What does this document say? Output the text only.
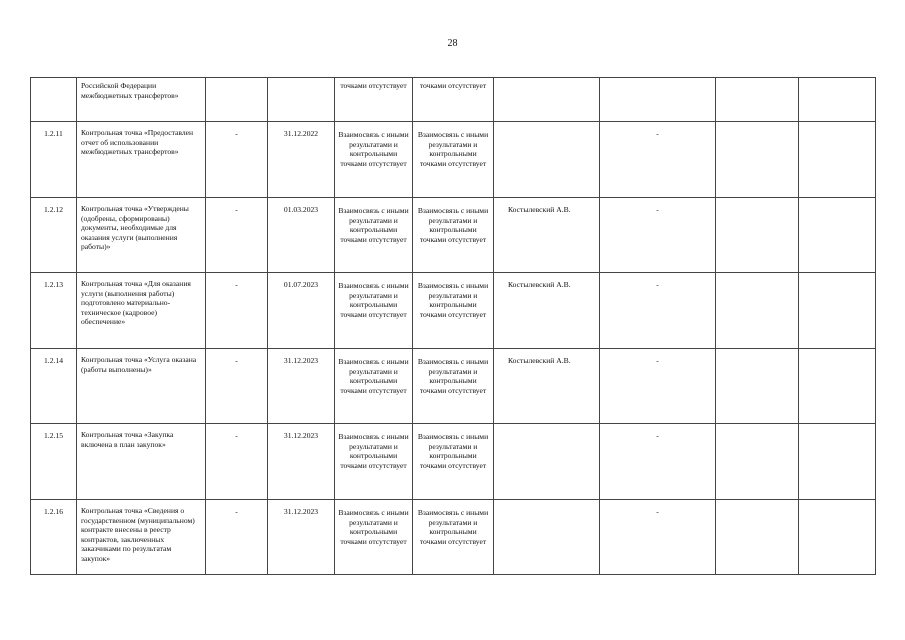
28
	Российской Федерации межбюджетных трансфертов»			точками отсутствует	точками отсутствует				
1.2.11	Контрольная точка «Предоставлен отчет об использовании межбюджетных трансфертов»	-	31.12.2022	Взаимосвязь с иными результатами и контрольными точками отсутствует	Взаимосвязь с иными результатами и контрольными точками отсутствует		-		
1.2.12	Контрольная точка «Утверждены (одобрены, сформированы) документы, необходимые для оказания услуги (выполнения работы)»	-	01.03.2023	Взаимосвязь с иными результатами и контрольными точками отсутствует	Взаимосвязь с иными результатами и контрольными точками отсутствует	Костылевский А.В.	-		
1.2.13	Контрольная точка «Для оказания услуги (выполнения работы) подготовлено материально-техническое (кадровое) обеспечение»	-	01.07.2023	Взаимосвязь с иными результатами и контрольными точками отсутствует	Взаимосвязь с иными результатами и контрольными точками отсутствует	Костылевский А.В.	-		
1.2.14	Контрольная точка «Услуга оказана (работы выполнены)»	-	31.12.2023	Взаимосвязь с иными результатами и контрольными точками отсутствует	Взаимосвязь с иными результатами и контрольными точками отсутствует	Костылевский А.В.	-		
1.2.15	Контрольная точка «Закупка включена в план закупок»	-	31.12.2023	Взаимосвязь с иными результатами и контрольными точками отсутствует	Взаимосвязь с иными результатами и контрольными точками отсутствует		-		
1.2.16	Контрольная точка «Сведения о государственном (муниципальном) контракте внесены в реестр контрактов, заключенных заказчиками по результатам закупок»	-	31.12.2023	Взаимосвязь с иными результатами и контрольными точками отсутствует	Взаимосвязь с иными результатами и контрольными точками отсутствует		-		
